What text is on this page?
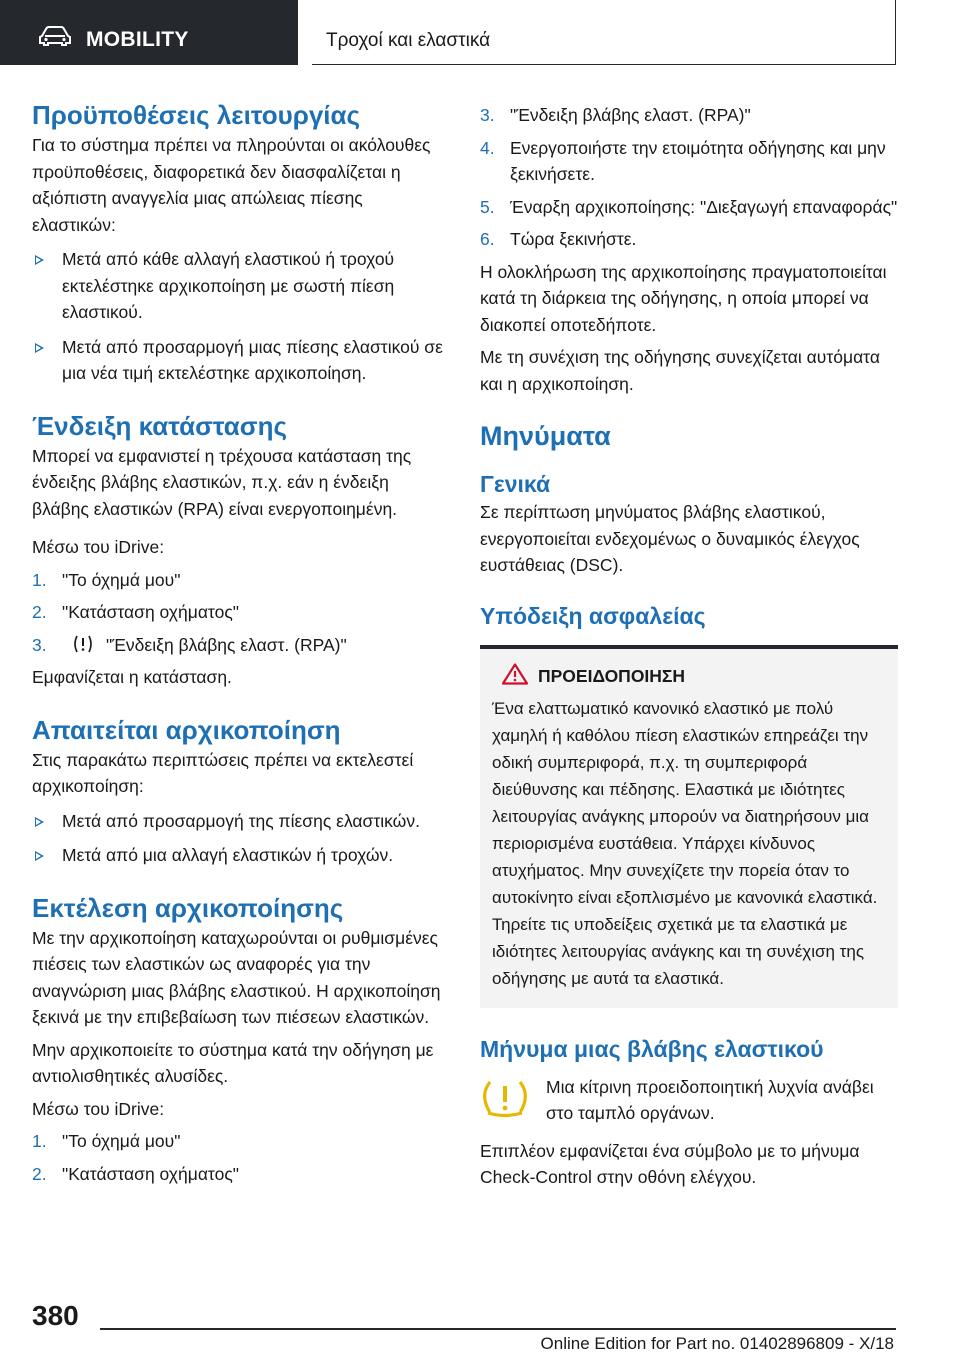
MOBILITY	Τροχοί και ελαστικά
Προϋποθέσεις λειτουργίας

Για το σύστημα πρέπει να πληρούνται οι ακόλουθες προϋποθέσεις, διαφορετικά δεν διασφαλίζεται η αξιόπιστη αναγγελία μιας απώλειας πίεσης ελαστικών:

Μετά από κάθε αλλαγή ελαστικού ή τροχού εκτελέστηκε αρχικοποίηση με σωστή πίεση ελαστικού.
Μετά από προσαρμογή μιας πίεσης ελαστικού σε μια νέα τιμή εκτελέστηκε αρχικοποίηση.
Ένδειξη κατάστασης

Μπορεί να εμφανιστεί η τρέχουσα κατάσταση της ένδειξης βλάβης ελαστικών, π.χ. εάν η ένδειξη βλάβης ελαστικών (RPA) είναι ενεργοποιημένη.

Μέσω του iDrive:

1. "Το όχημά μου"
2. "Κατάσταση οχήματος"
3.	"Ένδειξη βλάβης ελαστ. (RPA)"

Εμφανίζεται η κατάσταση.

Απαιτείται αρχικοποίηση

Στις παρακάτω περιπτώσεις πρέπει να εκτελεστεί αρχικοποίηση:

Μετά από προσαρμογή της πίεσης ελαστικών.
Μετά από μια αλλαγή ελαστικών ή τροχών.
Εκτέλεση αρχικοποίησης

Με την αρχικοποίηση καταχωρούνται οι ρυθμισμένες πιέσεις των ελαστικών ως αναφορές για την αναγνώριση μιας βλάβης ελαστικού. Η αρχικοποίηση ξεκινά με την επιβεβαίωση των πιέσεων ελαστικών.

Μην αρχικοποιείτε το σύστημα κατά την οδήγηση με αντιολισθητικές αλυσίδες.

Μέσω του iDrive:

1. "Το όχημά μου"
2. "Κατάσταση οχήματος"
3. "Ένδειξη βλάβης ελαστ. (RPA)"
4. Ενεργοποιήστε την ετοιμότητα οδήγησης και μην ξεκινήσετε.
5. Έναρξη αρχικοποίησης: "Διεξαγωγή επαναφοράς"
6. Τώρα ξεκινήστε.

Η ολοκλήρωση της αρχικοποίησης πραγματοποιείται κατά τη διάρκεια της οδήγησης, η οποία μπορεί να διακοπεί οποτεδήποτε.

Με τη συνέχιση της οδήγησης συνεχίζεται αυτόματα και η αρχικοποίηση.

Μηνύματα
Γενικά

Σε περίπτωση μηνύματος βλάβης ελαστικού, ενεργοποιείται ενδεχομένως ο δυναμικός έλεγχος ευστάθειας (DSC).

Υπόδειξη ασφαλείας
ΠΡΟΕΙΔΟΠΟΙΗΣΗ

Ένα ελαττωματικό κανονικό ελαστικό με πολύ χαμηλή ή καθόλου πίεση ελαστικών επηρεάζει την οδική συμπεριφορά, π.χ. τη συμπεριφορά διεύθυνσης και πέδησης. Ελαστικά με ιδιότητες λειτουργίας ανάγκης μπορούν να διατηρήσουν μια περιορισμένα ευστάθεια. Υπάρχει κίνδυνος ατυχήματος. Μην συνεχίζετε την πορεία όταν το αυτοκίνητο είναι εξοπλισμένο με κανονικά ελαστικά. Τηρείτε τις υποδείξεις σχετικά με τα ελαστικά με ιδιότητες λειτουργίας ανάγκης και τη συνέχιση της οδήγησης με αυτά τα ελαστικά.

Μήνυμα μιας βλάβης ελαστικού

Μια κίτρινη προειδοποιητική λυχνία ανάβει στο ταμπλό οργάνων.

Επιπλέον εμφανίζεται ένα σύμβολο με το μήνυμα Check-Control στην οθόνη ελέγχου.

380
Online Edition for Part no. 01402896809 - X/18
